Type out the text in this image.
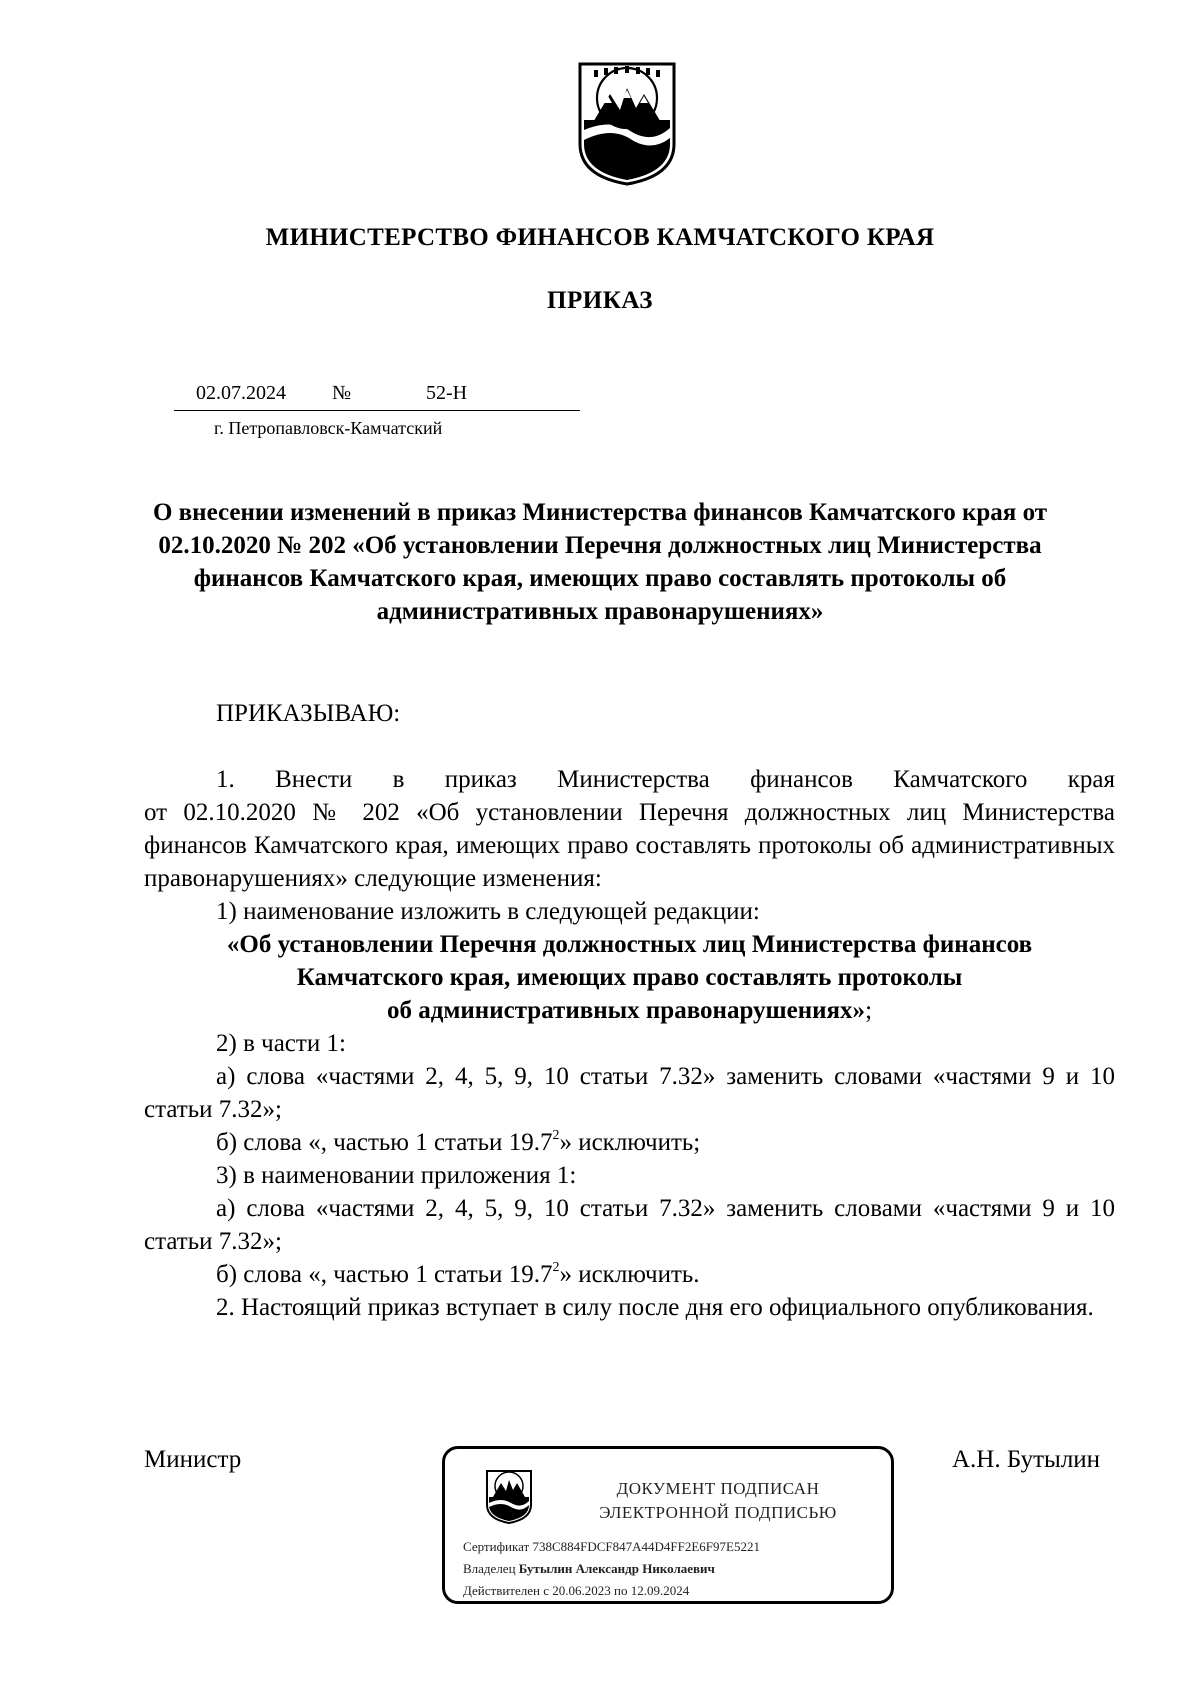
МИНИСТЕРСТВО ФИНАНСОВ КАМЧАТСКОГО КРАЯ
ПРИКАЗ
02.07.2024 №	52-Н
г. Петропавловск-Камчатский
О внесении изменений в приказ Министерства финансов Камчатского края от 02.10.2020 № 202 «Об установлении Перечня должностных лиц Министерства финансов Камчатского края, имеющих право составлять протоколы об административных правонарушениях»
ПРИКАЗЫВАЮ:

1. Внести в приказ Министерства финансов Камчатского края

от 02.10.2020 № 202 «Об установлении Перечня должностных лиц Министерства финансов Камчатского края, имеющих право составлять протоколы об административных правонарушениях» следующие изменения:

1) наименование изложить в следующей редакции:

«Об установлении Перечня должностных лиц Министерства финансов
Камчатского края, имеющих право составлять протоколы
об административных правонарушениях»;

2) в части 1:

а) слова «частями 2, 4, 5, 9, 10 статьи 7.32» заменить словами «частями 9 и 10 статьи 7.32»;

б) слова «, частью 1 статьи 19.7$^2$» исключить;

3) в наименовании приложения 1:

а) слова «частями 2, 4, 5, 9, 10 статьи 7.32» заменить словами «частями 9 и 10 статьи 7.32»;

б) слова «, частью 1 статьи 19.7$^2$» исключить.

2. Настоящий приказ вступает в силу после дня его официального опубликования.

Министр	А.Н. Бутылин
ДОКУМЕНТ ПОДПИСАН
ЭЛЕКТРОННОЙ ПОДПИСЬЮ
Сертификат 738C884FDCF847A44D4FF2E6F97E5221
Владелец Бутылин Александр Николаевич
Действителен с 20.06.2023 по 12.09.2024
